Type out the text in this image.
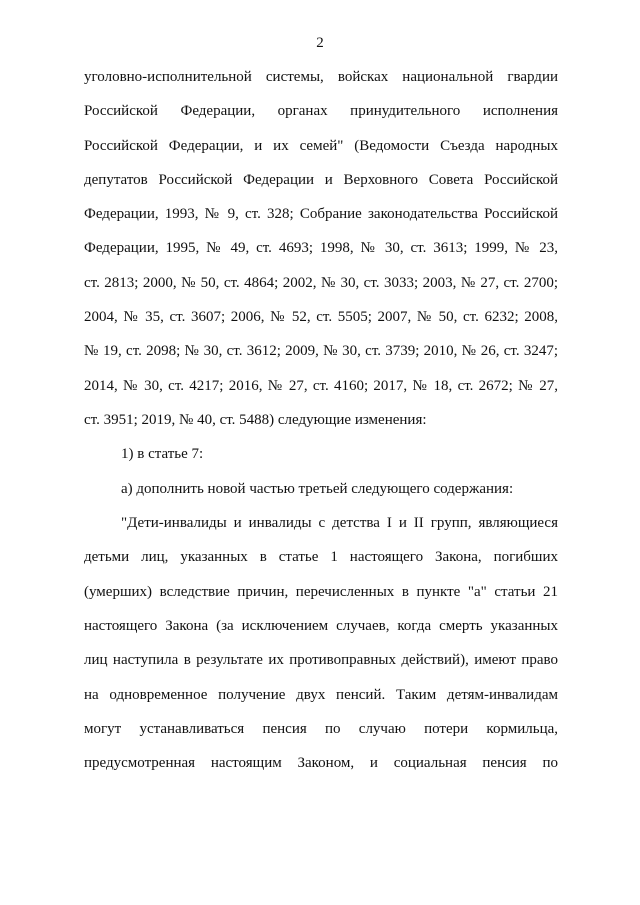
2
уголовно-исполнительной системы, войсках национальной гвардии
Российской Федерации, органах принудительного исполнения
Российской Федерации, и их семей" (Ведомости Съезда народных
депутатов Российской Федерации и Верховного Совета Российской
Федерации, 1993, № 9, ст. 328; Собрание законодательства Российской
Федерации, 1995, № 49, ст. 4693; 1998, № 30, ст. 3613; 1999, № 23,
ст. 2813; 2000, № 50, ст. 4864; 2002, № 30, ст. 3033; 2003, № 27, ст. 2700;
2004, № 35, ст. 3607; 2006, № 52, ст. 5505; 2007, № 50, ст. 6232; 2008,
№ 19, ст. 2098; № 30, ст. 3612; 2009, № 30, ст. 3739; 2010, № 26, ст. 3247;
2014, № 30, ст. 4217; 2016, № 27, ст. 4160; 2017, № 18, ст. 2672; № 27,
ст. 3951; 2019, № 40, ст. 5488) следующие изменения:
1) в статье 7:
а) дополнить новой частью третьей следующего содержания:
"Дети-инвалиды и инвалиды с детства I и II групп, являющиеся
детьми лиц, указанных в статье 1 настоящего Закона, погибших
(умерших) вследствие причин, перечисленных в пункте "а" статьи 21
настоящего Закона (за исключением случаев, когда смерть указанных
лиц наступила в результате их противоправных действий), имеют право
на одновременное получение двух пенсий. Таким детям-инвалидам
могут устанавливаться пенсия по случаю потери кормильца,
предусмотренная настоящим Законом, и социальная пенсия по
